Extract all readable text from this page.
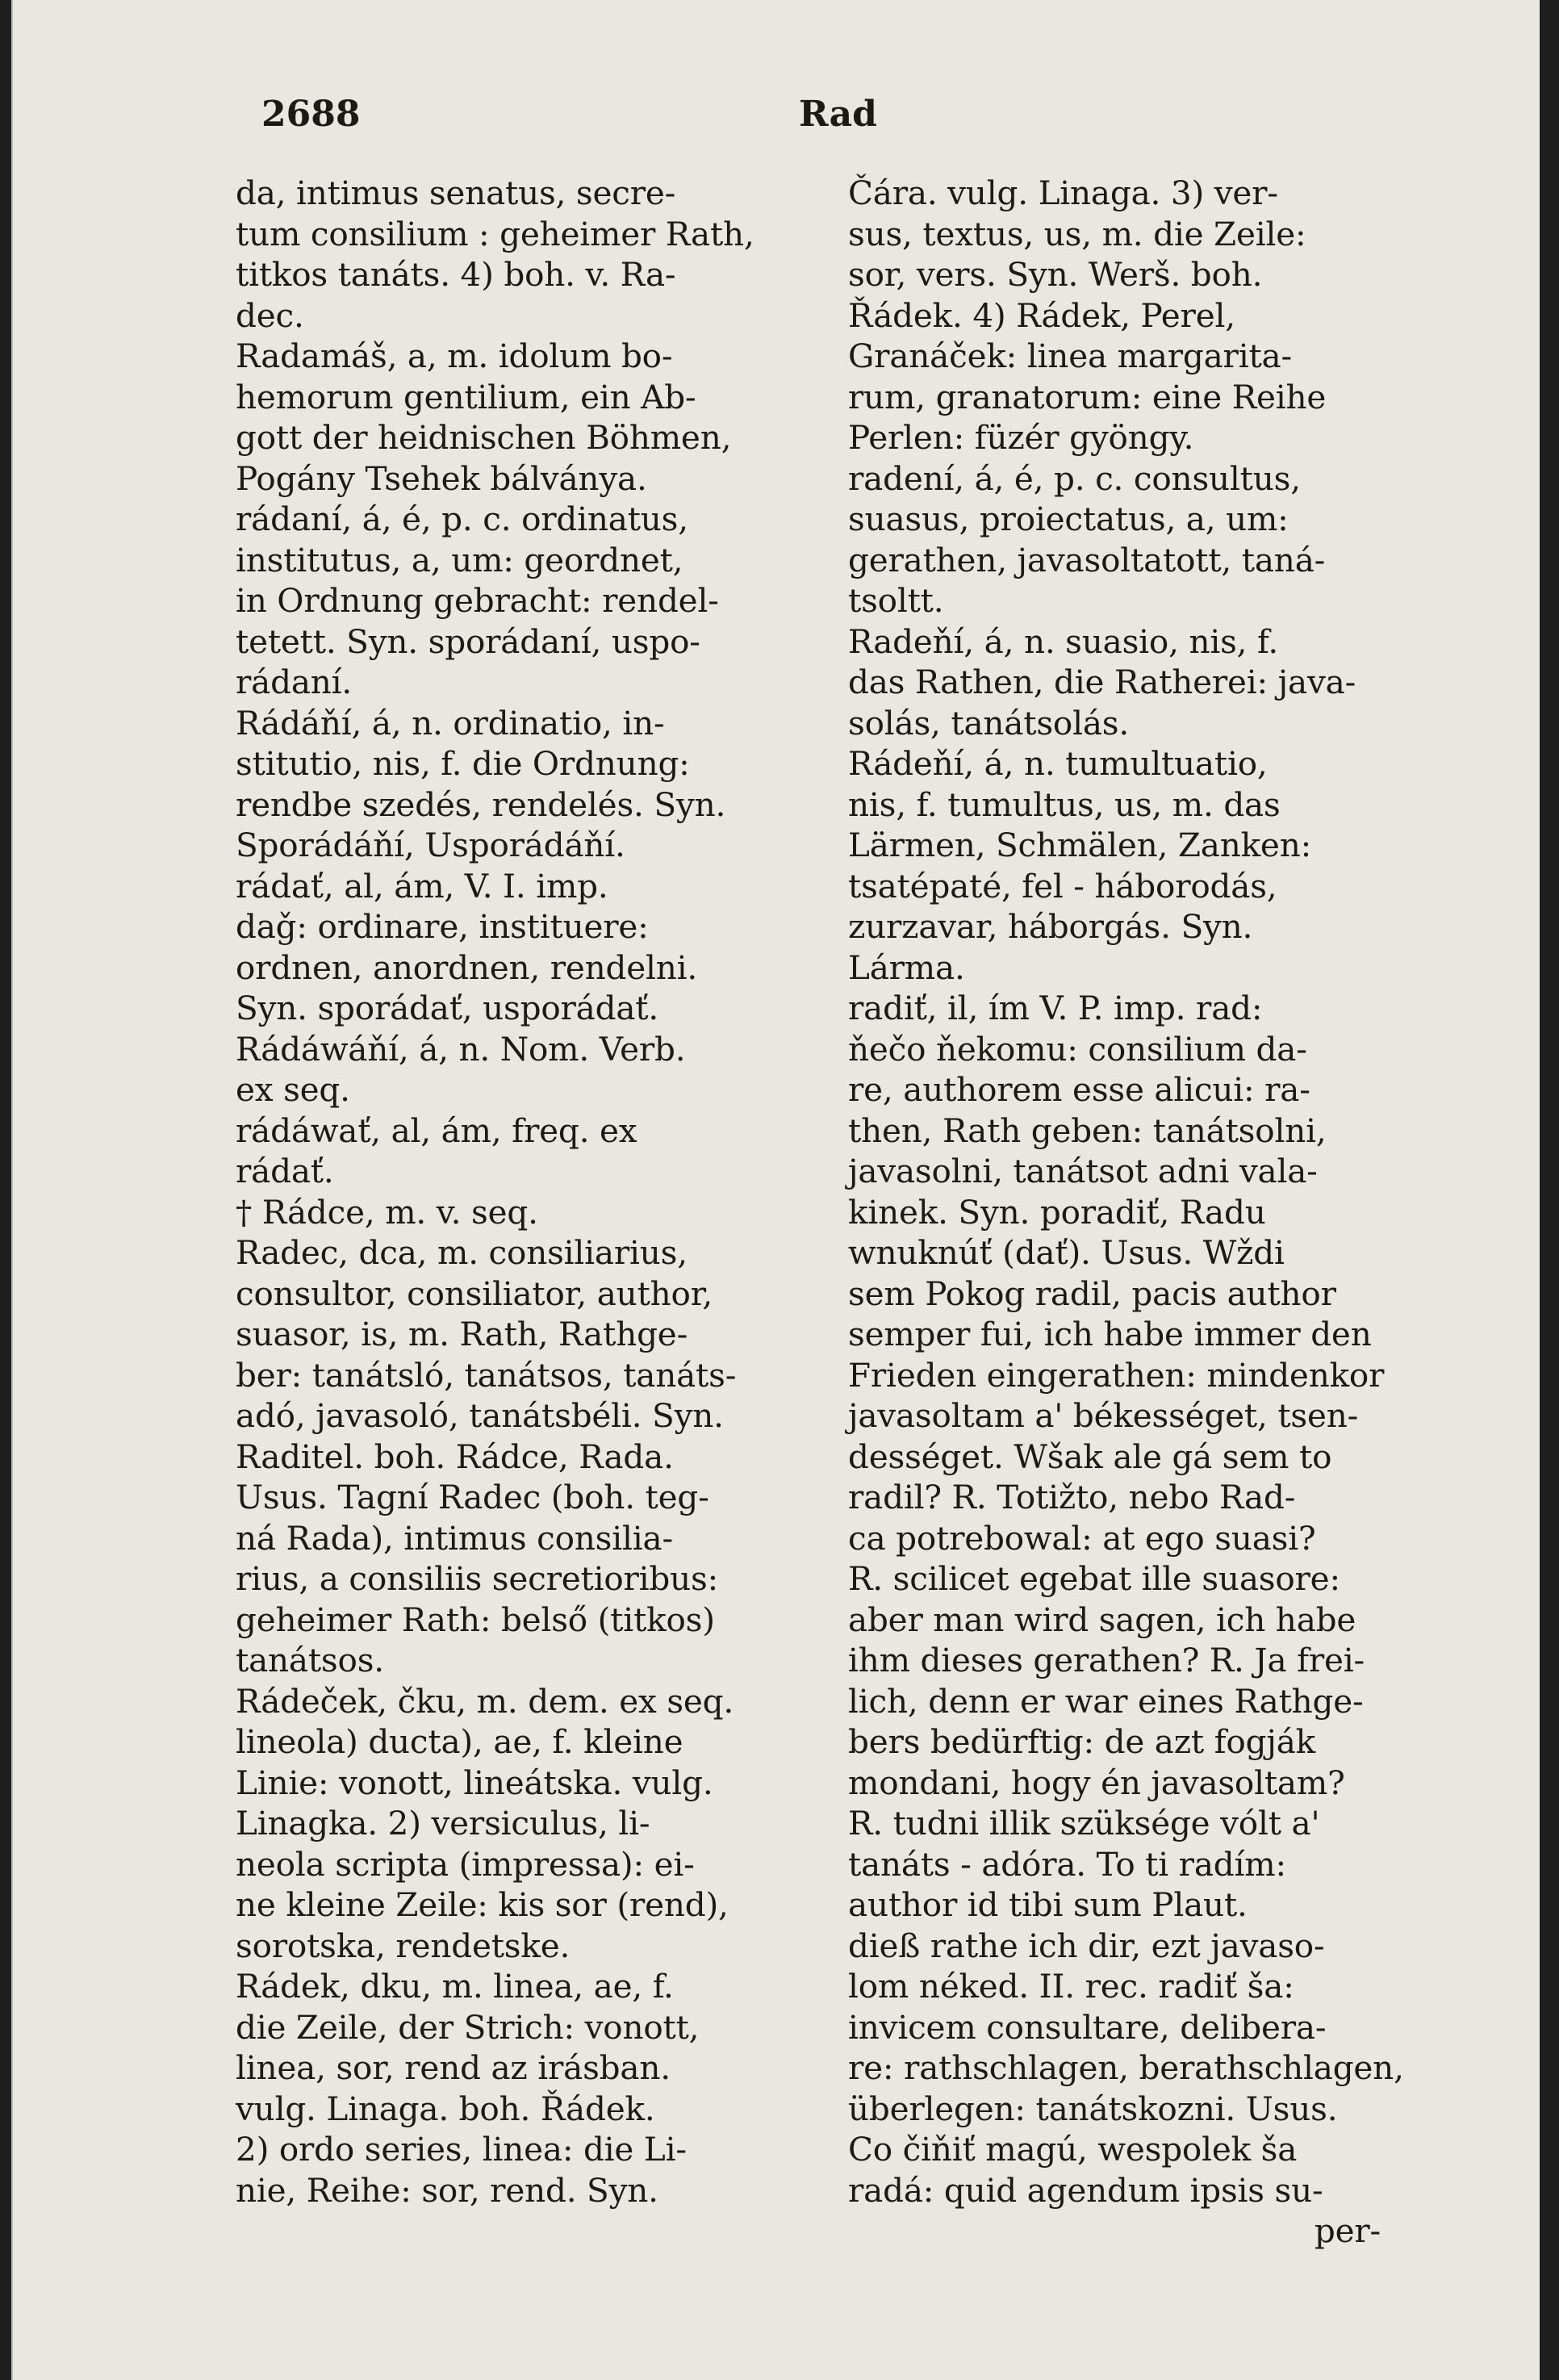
2688	Rad
da, intimus senatus, secre-
tum consilium : geheimer Rath,
titkos tanáts. 4) boh. v. Ra-
dec.
Radamáš, a, m. idolum bo-
hemorum gentilium, ein Ab-
gott der heidnischen Böhmen,
Pogány Tsehek bálványa.
rádaní, á, é, p. c. ordinatus,
institutus, a, um: geordnet,
in Ordnung gebracht: rendel-
tetett. Syn. sporádaní, uspo-
rádaní.
Rádáňí, á, n. ordinatio, in-
stitutio, nis, f. die Ordnung:
rendbe szedés, rendelés. Syn.
Sporádáňí, Usporádáňí.
rádať, al, ám, V. I. imp.
daǧ: ordinare, instituere:
ordnen, anordnen, rendelni.
Syn. sporádať, usporádať.
Rádáwáňí, á, n. Nom. Verb.
ex seq.
rádáwať, al, ám, freq. ex
rádať.
† Rádce, m. v. seq.
Radec, dca, m. consiliarius,
consultor, consiliator, author,
suasor, is, m. Rath, Rathge-
ber: tanátsló, tanátsos, tanáts-
adó, javasoló, tanátsbéli. Syn.
Raditel. boh. Rádce, Rada.
Usus. Tagní Radec (boh. teg-
ná Rada), intimus consilia-
rius, a consiliis secretioribus:
geheimer Rath: belső (titkos)
tanátsos.
Rádeček, čku, m. dem. ex seq.
lineola) ducta), ae, f. kleine
Linie: vonott, lineátska. vulg.
Linagka. 2) versiculus, li-
neola scripta (impressa): ei-
ne kleine Zeile: kis sor (rend),
sorotska, rendetske.
Rádek, dku, m. linea, ae, f.
die Zeile, der Strich: vonott,
linea, sor, rend az irásban.
vulg. Linaga. boh. Řádek.
2) ordo series, linea: die Li-
nie, Reihe: sor, rend. Syn.
Čára. vulg. Linaga. 3) ver-
sus, textus, us, m. die Zeile:
sor, vers. Syn. Werš. boh.
Řádek. 4) Rádek, Perel,
Granáček: linea margarita-
rum, granatorum: eine Reihe
Perlen: füzér gyöngy.
radení, á, é, p. c. consultus,
suasus, proiectatus, a, um:
gerathen, javasoltatott, taná-
tsoltt.
Radeňí, á, n. suasio, nis, f.
das Rathen, die Ratherei: java-
solás, tanátsolás.
Rádeňí, á, n. tumultuatio,
nis, f. tumultus, us, m. das
Lärmen, Schmälen, Zanken:
tsatépaté, fel - háborodás,
zurzavar, háborgás. Syn.
Lárma.
radiť, il, ím V. P. imp. rad:
ňečo ňekomu: consilium da-
re, authorem esse alicui: ra-
then, Rath geben: tanátsolni,
javasolni, tanátsot adni vala-
kinek. Syn. poradiť, Radu
wnuknúť (dať). Usus. Wždi
sem Pokog radil, pacis author
semper fui, ich habe immer den
Frieden eingerathen: mindenkor
javasoltam a' békességet, tsen-
dességet. Wšak ale gá sem to
radil? R. Totižto, nebo Rad-
ca potrebowal: at ego suasi?
R. scilicet egebat ille suasore:
aber man wird sagen, ich habe
ihm dieses gerathen? R. Ja frei-
lich, denn er war eines Rathge-
bers bedürftig: de azt fogják
mondani, hogy én javasoltam?
R. tudni illik szüksége vólt a'
tanáts - adóra. To ti radím:
author id tibi sum Plaut.
dieß rathe ich dir, ezt javaso-
lom néked. II. rec. radiť ša:
invicem consultare, delibera-
re: rathschlagen, berathschlagen,
überlegen: tanátskozni. Usus.
Co čiňiť magú, wespolek ša
radá: quid agendum ipsis su-
per-
